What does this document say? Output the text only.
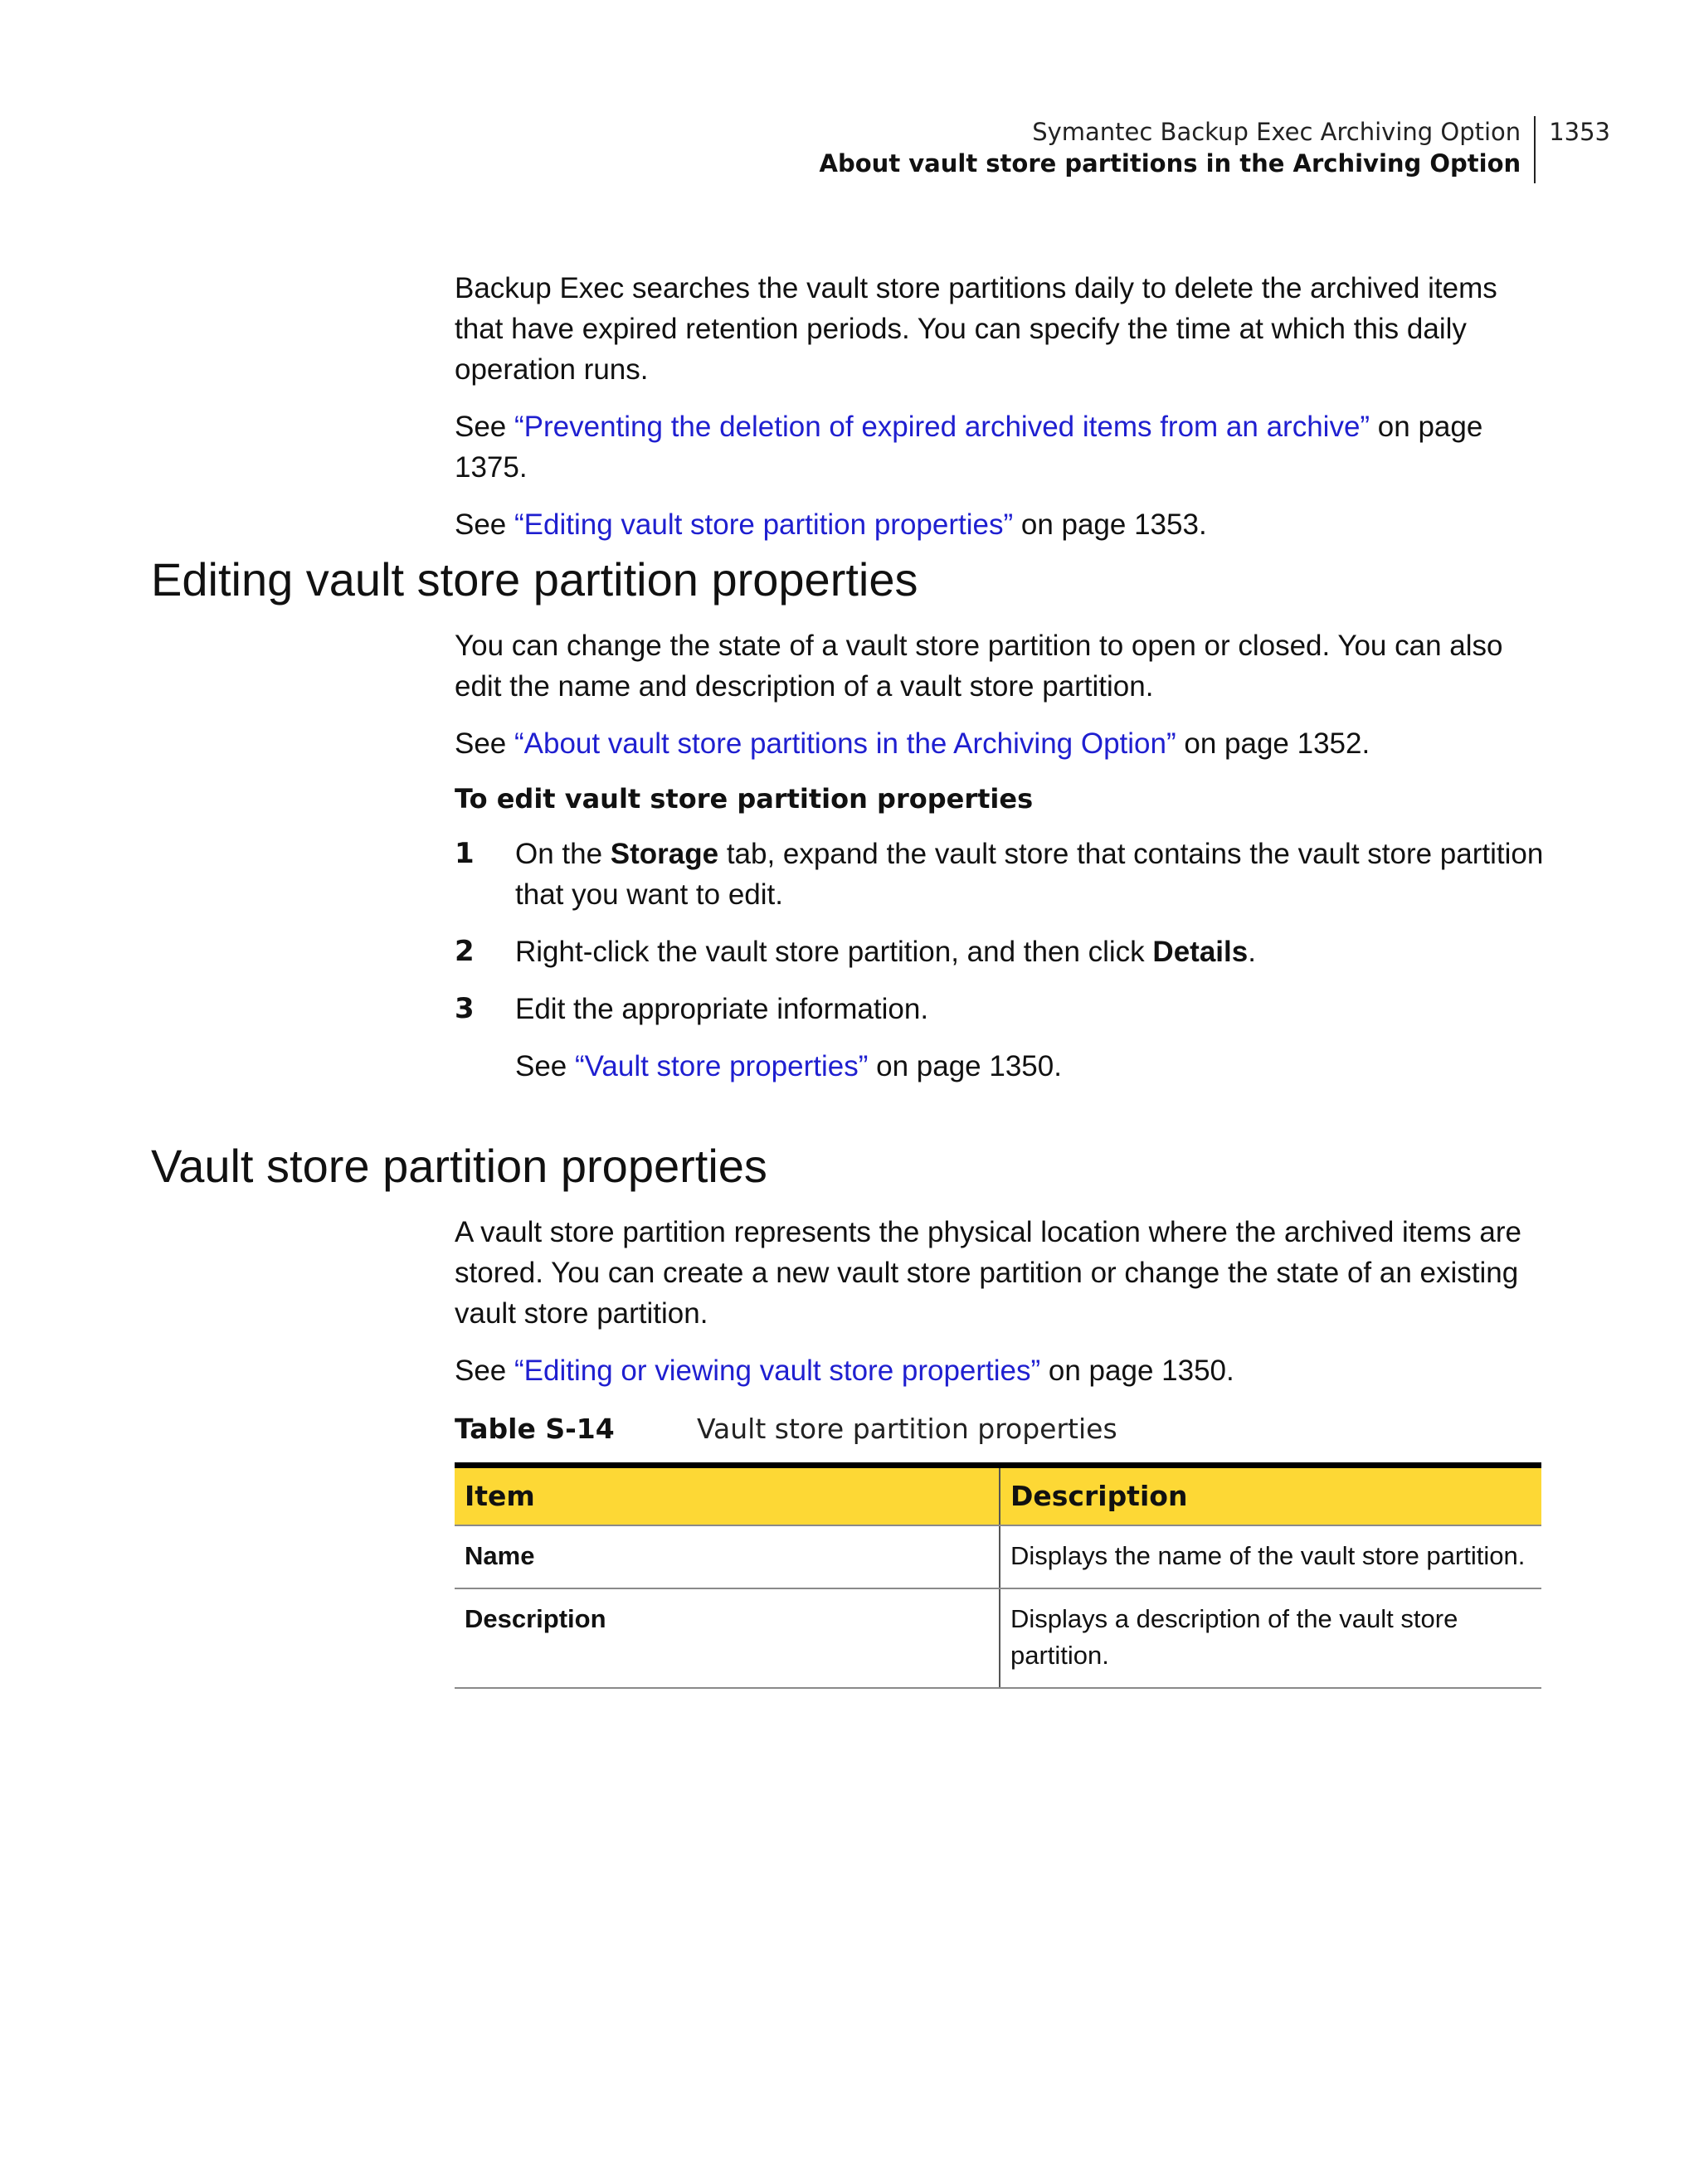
Symantec Backup Exec Archiving Option
About vault store partitions in the Archiving Option
1353

Backup Exec searches the vault store partitions daily to delete the archived items that have expired retention periods. You can specify the time at which this daily operation runs.

See “Preventing the deletion of expired archived items from an archive” on page 1375.

See “Editing vault store partition properties” on page 1353.

Editing vault store partition properties

You can change the state of a vault store partition to open or closed. You can also edit the name and description of a vault store partition.

See “About vault store partitions in the Archiving Option” on page 1352.

To edit vault store partition properties
1	On the Storage tab, expand the vault store that contains the vault store partition that you want to edit.
2	Right-click the vault store partition, and then click Details.
3	Edit the appropriate information.

See “Vault store properties” on page 1350.

Vault store partition properties

A vault store partition represents the physical location where the archived items are stored. You can create a new vault store partition or change the state of an existing vault store partition.

See “Editing or viewing vault store properties” on page 1350.

Table S-14	Vault store partition properties
Item	Description
Name	Displays the name of the vault store partition.
Description	Displays a description of the vault store partition.
